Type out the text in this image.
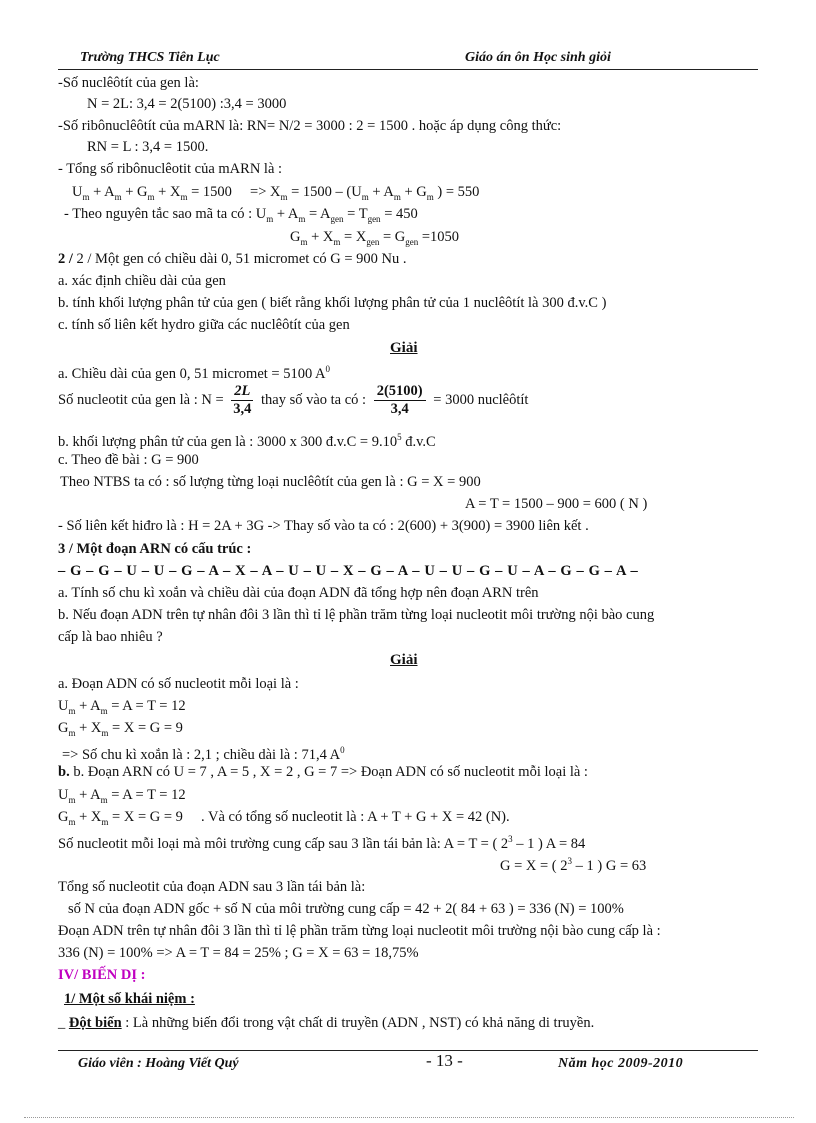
Trường THCS Tiên Lục	Giáo án ôn Học sinh giỏi
-Số nuclêôtít của gen là:
N = 2L: 3,4 = 2(5100) :3,4 = 3000
-Số ribônuclêôtít của mARN là: RN= N/2 = 3000 : 2 = 1500 . hoặc áp dụng công thức:
RN = L : 3,4 = 1500.
- Tổng số ribônuclêotit của mARN là :
$U_m + A_m + G_m + X_m = 1500$     => $X_m = 1500 - (U_m + A_m + G_m$ ) = 550
- Theo nguyên tắc sao mã ta có : $U_m + A_m = A_{gen} = T_{gen} = 450$
$G_m + X_m = X_{gen} = G_{gen} =1050$
2 / 2 / Một gen có chiều dài 0, 51 micromet có G = 900 Nu .
a. xác định chiều dài của gen
b. tính khối lượng phân tử của gen ( biết rằng khối lượng phân tử của 1 nuclêôtít là 300 đ.v.C )
c. tính số liên kết hydro giữa các nuclêôtít của gen
Giải
a. Chiều dài của gen 0, 51 micromet = 5100 $A^0$
Số nucleotit của gen là : $N = \frac{2L}{3,4}$ thay số vào ta có : $\frac{2(5100)}{3,4} = 3000$ nuclêôtít
b. khối lượng phân tử của gen là : 3000 x 300 đ.v.C = $9.10^5$ đ.v.C
c. Theo đề bài : G = 900
Theo NTBS ta có : số lượng từng loại nuclêôtít của gen là : G = X = 900
A = T = 1500 – 900 = 600 ( N )
- Số liên kết hiđro là : H = 2A + 3G -> Thay số vào ta có : 2(600) + 3(900) = 3900 liên kết .
3 / Một đoạn ARN có cấu trúc :
– G – G – U – U – G – A – X – A – U – U – X – G – A – U – U – G – U – A – G – G – A –
a. Tính số chu kì xoắn và chiều dài của đoạn ADN đã tổng hợp nên đoạn ARN trên
b. Nếu đoạn ADN trên tự nhân đôi 3 lần thì tỉ lệ phần trăm từng loại nucleotit môi trường nội bào cung
cấp là bao nhiêu ?
Giải
a. Đoạn ADN có số nucleotit mỗi loại là :
$U_m + A_m = A = T = 12$
$G_m + X_m = X = G = 9$
=> Số chu kì xoắn là : 2,1 ; chiều dài là : 71,4 $A^0$
b. b. Đoạn ARN có U = 7 , A = 5 , X = 2 , G = 7 => Đoạn ADN có số nucleotit mỗi loại là :
$U_m + A_m = A = T = 12$
$G_m + X_m = X = G = 9$     . Và có tổng số nucleotit là : A + T + G + X = 42 (N).
Số nucleotit mỗi loại mà môi trường cung cấp sau 3 lần tái bản là: A = T = ( $2^3 - 1$ ) A = 84
G = X = ( $2^3 - 1$ ) G = 63
Tổng số nucleotit của đoạn ADN sau 3 lần tái bản là:
số N của đoạn ADN gốc + số N của môi trường cung cấp = 42 + 2( 84 + 63 ) = 336 (N) = 100%
Đoạn ADN trên tự nhân đôi 3 lần thì tỉ lệ phần trăm từng loại nucleotit môi trường nội bào cung cấp là :
336 (N) = 100% => A = T = 84 = 25% ; G = X = 63 = 18,75%
IV/ BIẾN DỊ :
1/ Một số khái niệm :
_ Đột biến : Là những biến đổi trong vật chất di truyền (ADN , NST) có khả năng di truyền.
Giáo viên : Hoàng Viết Quý	- 13 -	Năm học 2009-2010
